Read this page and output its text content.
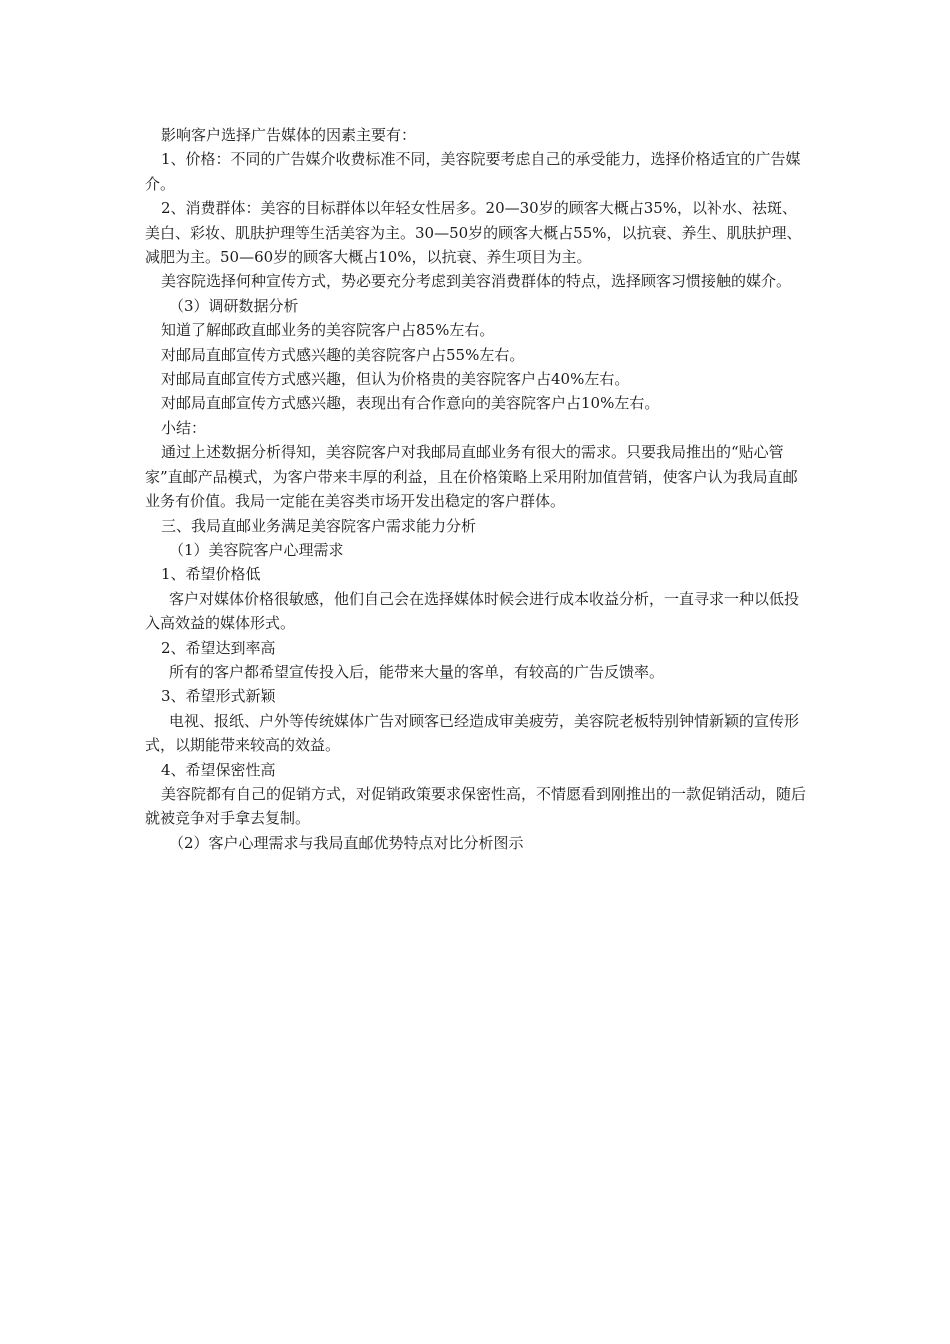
影响客户选择广告媒体的因素主要有：

1、价格：不同的广告媒介收费标准不同，美容院要考虑自己的承受能力，选择价格适宜的广告媒介。

2、消费群体：美容的目标群体以年轻女性居多。20—30岁的顾客大概占35%，以补水、祛斑、美白、彩妆、肌肤护理等生活美容为主。30—50岁的顾客大概占55%，以抗衰、养生、肌肤护理、减肥为主。50—60岁的顾客大概占10%，以抗衰、养生项目为主。

美容院选择何种宣传方式，势必要充分考虑到美容消费群体的特点，选择顾客习惯接触的媒介。

（3）调研数据分析

知道了解邮政直邮业务的美容院客户占85%左右。

对邮局直邮宣传方式感兴趣的美容院客户占55%左右。

对邮局直邮宣传方式感兴趣，但认为价格贵的美容院客户占40%左右。

对邮局直邮宣传方式感兴趣，表现出有合作意向的美容院客户占10%左右。

小结：

通过上述数据分析得知，美容院客户对我邮局直邮业务有很大的需求。只要我局推出的“贴心管家”直邮产品模式，为客户带来丰厚的利益，且在价格策略上采用附加值营销，使客户认为我局直邮业务有价值。我局一定能在美容类市场开发出稳定的客户群体。

三、我局直邮业务满足美容院客户需求能力分析

（1）美容院客户心理需求

1、希望价格低

客户对媒体价格很敏感，他们自己会在选择媒体时候会进行成本收益分析，一直寻求一种以低投入高效益的媒体形式。

2、希望达到率高

所有的客户都希望宣传投入后，能带来大量的客单，有较高的广告反馈率。

3、希望形式新颖

电视、报纸、户外等传统媒体广告对顾客已经造成审美疲劳，美容院老板特别钟情新颖的宣传形式，以期能带来较高的效益。

4、希望保密性高

美容院都有自己的促销方式，对促销政策要求保密性高，不情愿看到刚推出的一款促销活动，随后就被竞争对手拿去复制。

（2）客户心理需求与我局直邮优势特点对比分析图示
